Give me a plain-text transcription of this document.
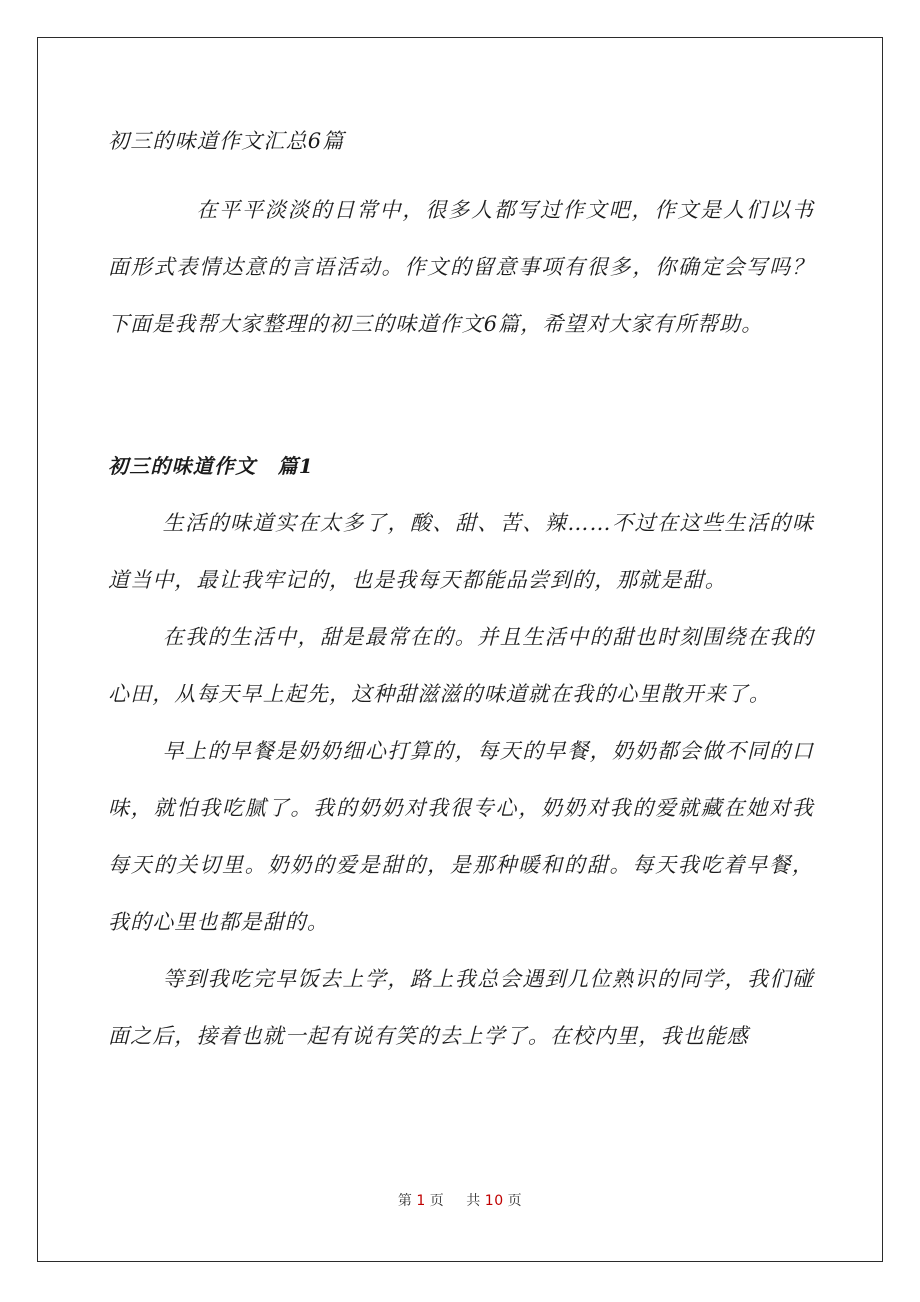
初三的味道作文汇总6篇

在平平淡淡的日常中，很多人都写过作文吧，作文是人们以书面形式表情达意的言语活动。作文的留意事项有很多，你确定会写吗？下面是我帮大家整理的初三的味道作文6篇，希望对大家有所帮助。

初三的味道作文　篇1

生活的味道实在太多了，酸、甜、苦、辣……不过在这些生活的味道当中，最让我牢记的，也是我每天都能品尝到的，那就是甜。

在我的生活中，甜是最常在的。并且生活中的甜也时刻围绕在我的心田，从每天早上起先，这种甜滋滋的味道就在我的心里散开来了。

早上的早餐是奶奶细心打算的，每天的早餐，奶奶都会做不同的口味，就怕我吃腻了。我的奶奶对我很专心，奶奶对我的爱就藏在她对我每天的关切里。奶奶的爱是甜的，是那种暖和的甜。每天我吃着早餐，我的心里也都是甜的。

等到我吃完早饭去上学，路上我总会遇到几位熟识的同学，我们碰面之后，接着也就一起有说有笑的去上学了。在校内里，我也能感

第 1 页 共 10 页
